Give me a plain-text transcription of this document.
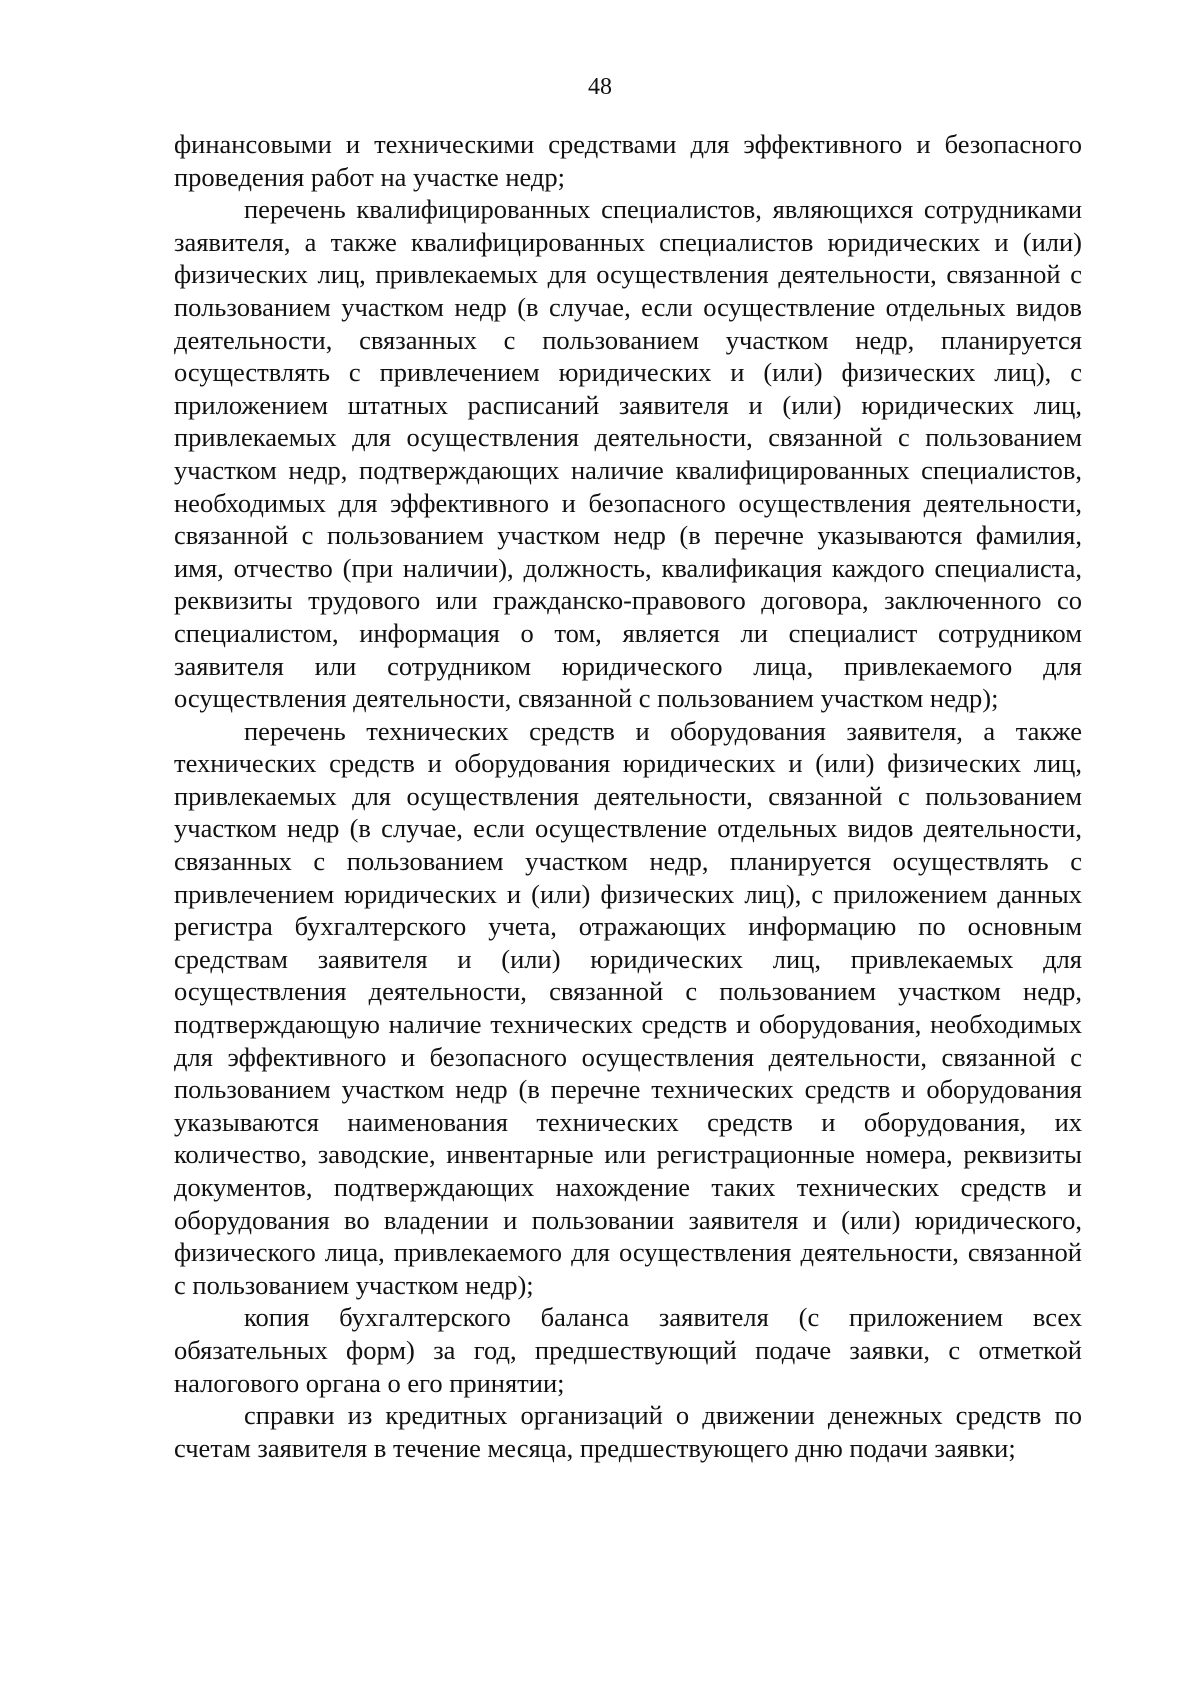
48

финансовыми и техническими средствами для эффективного и безопасного проведения работ на участке недр;

перечень квалифицированных специалистов, являющихся сотрудниками заявителя, а также квалифицированных специалистов юридических и (или) физических лиц, привлекаемых для осуществления деятельности, связанной с пользованием участком недр (в случае, если осуществление отдельных видов деятельности, связанных с пользованием участком недр, планируется осуществлять с привлечением юридических и (или) физических лиц), с приложением штатных расписаний заявителя и (или) юридических лиц, привлекаемых для осуществления деятельности, связанной с пользованием участком недр, подтверждающих наличие квалифицированных специалистов, необходимых для эффективного и безопасного осуществления деятельности, связанной с пользованием участком недр (в перечне указываются фамилия, имя, отчество (при наличии), должность, квалификация каждого специалиста, реквизиты трудового или гражданско-правового договора, заключенного со специалистом, информация о том, является ли специалист сотрудником заявителя или сотрудником юридического лица, привлекаемого для осуществления деятельности, связанной с пользованием участком недр);

перечень технических средств и оборудования заявителя, а также технических средств и оборудования юридических и (или) физических лиц, привлекаемых для осуществления деятельности, связанной с пользованием участком недр (в случае, если осуществление отдельных видов деятельности, связанных с пользованием участком недр, планируется осуществлять с привлечением юридических и (или) физических лиц), с приложением данных регистра бухгалтерского учета, отражающих информацию по основным средствам заявителя и (или) юридических лиц, привлекаемых для осуществления деятельности, связанной с пользованием участком недр, подтверждающую наличие технических средств и оборудования, необходимых для эффективного и безопасного осуществления деятельности, связанной с пользованием участком недр (в перечне технических средств и оборудования указываются наименования технических средств и оборудования, их количество, заводские, инвентарные или регистрационные номера, реквизиты документов, подтверждающих нахождение таких технических средств и оборудования во владении и пользовании заявителя и (или) юридического, физического лица, привлекаемого для осуществления деятельности, связанной с пользованием участком недр);

копия бухгалтерского баланса заявителя (с приложением всех обязательных форм) за год, предшествующий подаче заявки, с отметкой налогового органа о его принятии;

справки из кредитных организаций о движении денежных средств по счетам заявителя в течение месяца, предшествующего дню подачи заявки;
